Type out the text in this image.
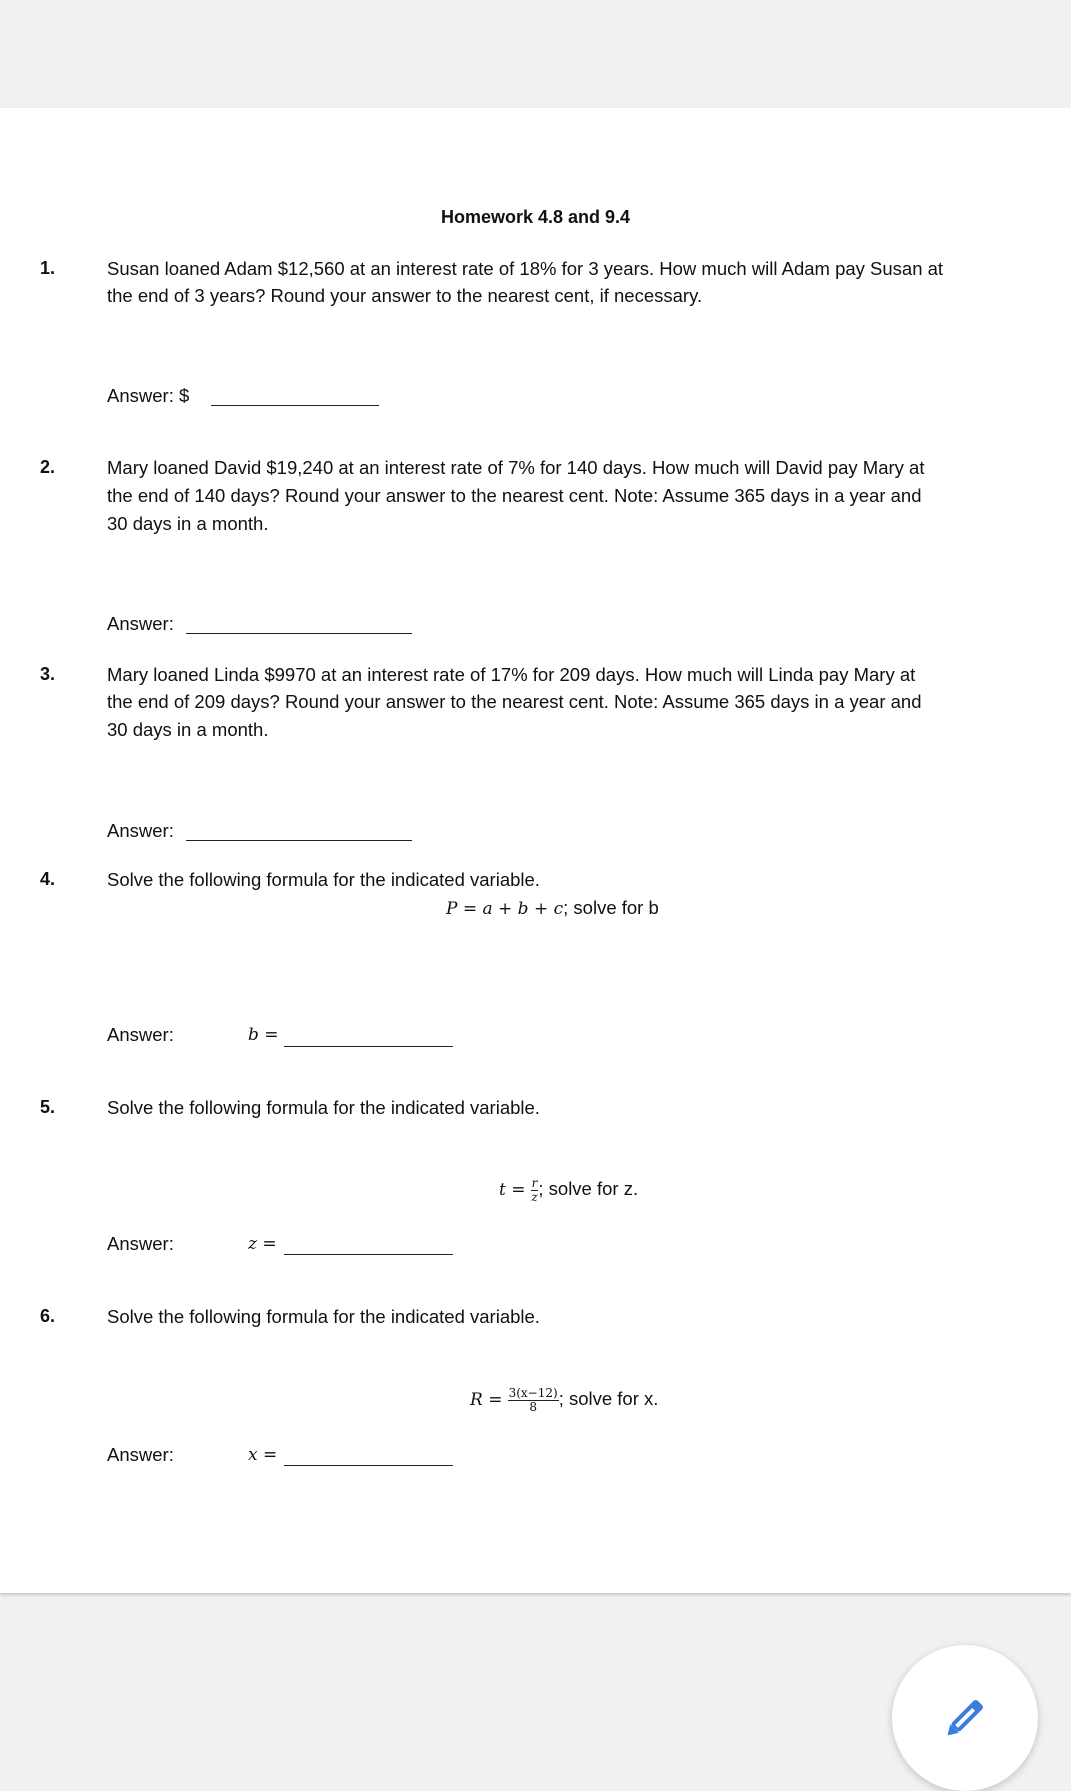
Homework 4.8 and 9.4
1.	Susan loaned Adam $12,560 at an interest rate of 18% for 3 years. How much will Adam pay Susan at
the end of 3 years? Round your answer to the nearest cent, if necessary.
Answer: $
2.	Mary loaned David $19,240 at an interest rate of 7% for 140 days. How much will David pay Mary at
the end of 140 days? Round your answer to the nearest cent. Note: Assume 365 days in a year and
30 days in a month.
Answer:
3.	Mary loaned Linda $9970 at an interest rate of 17% for 209 days. How much will Linda pay Mary at
the end of 209 days? Round your answer to the nearest cent. Note: Assume 365 days in a year and
30 days in a month.
Answer:
4.	Solve the following formula for the indicated variable.
P = a + b + c; solve for b
Answer:	b =
5.	Solve the following formula for the indicated variable.
$t = \frac{r}{z}$ ; solve for z.
Answer:	z =
6.	Solve the following formula for the indicated variable.
$R = \frac{3(x-12)}{8}$ ; solve for x.
Answer:	x =
